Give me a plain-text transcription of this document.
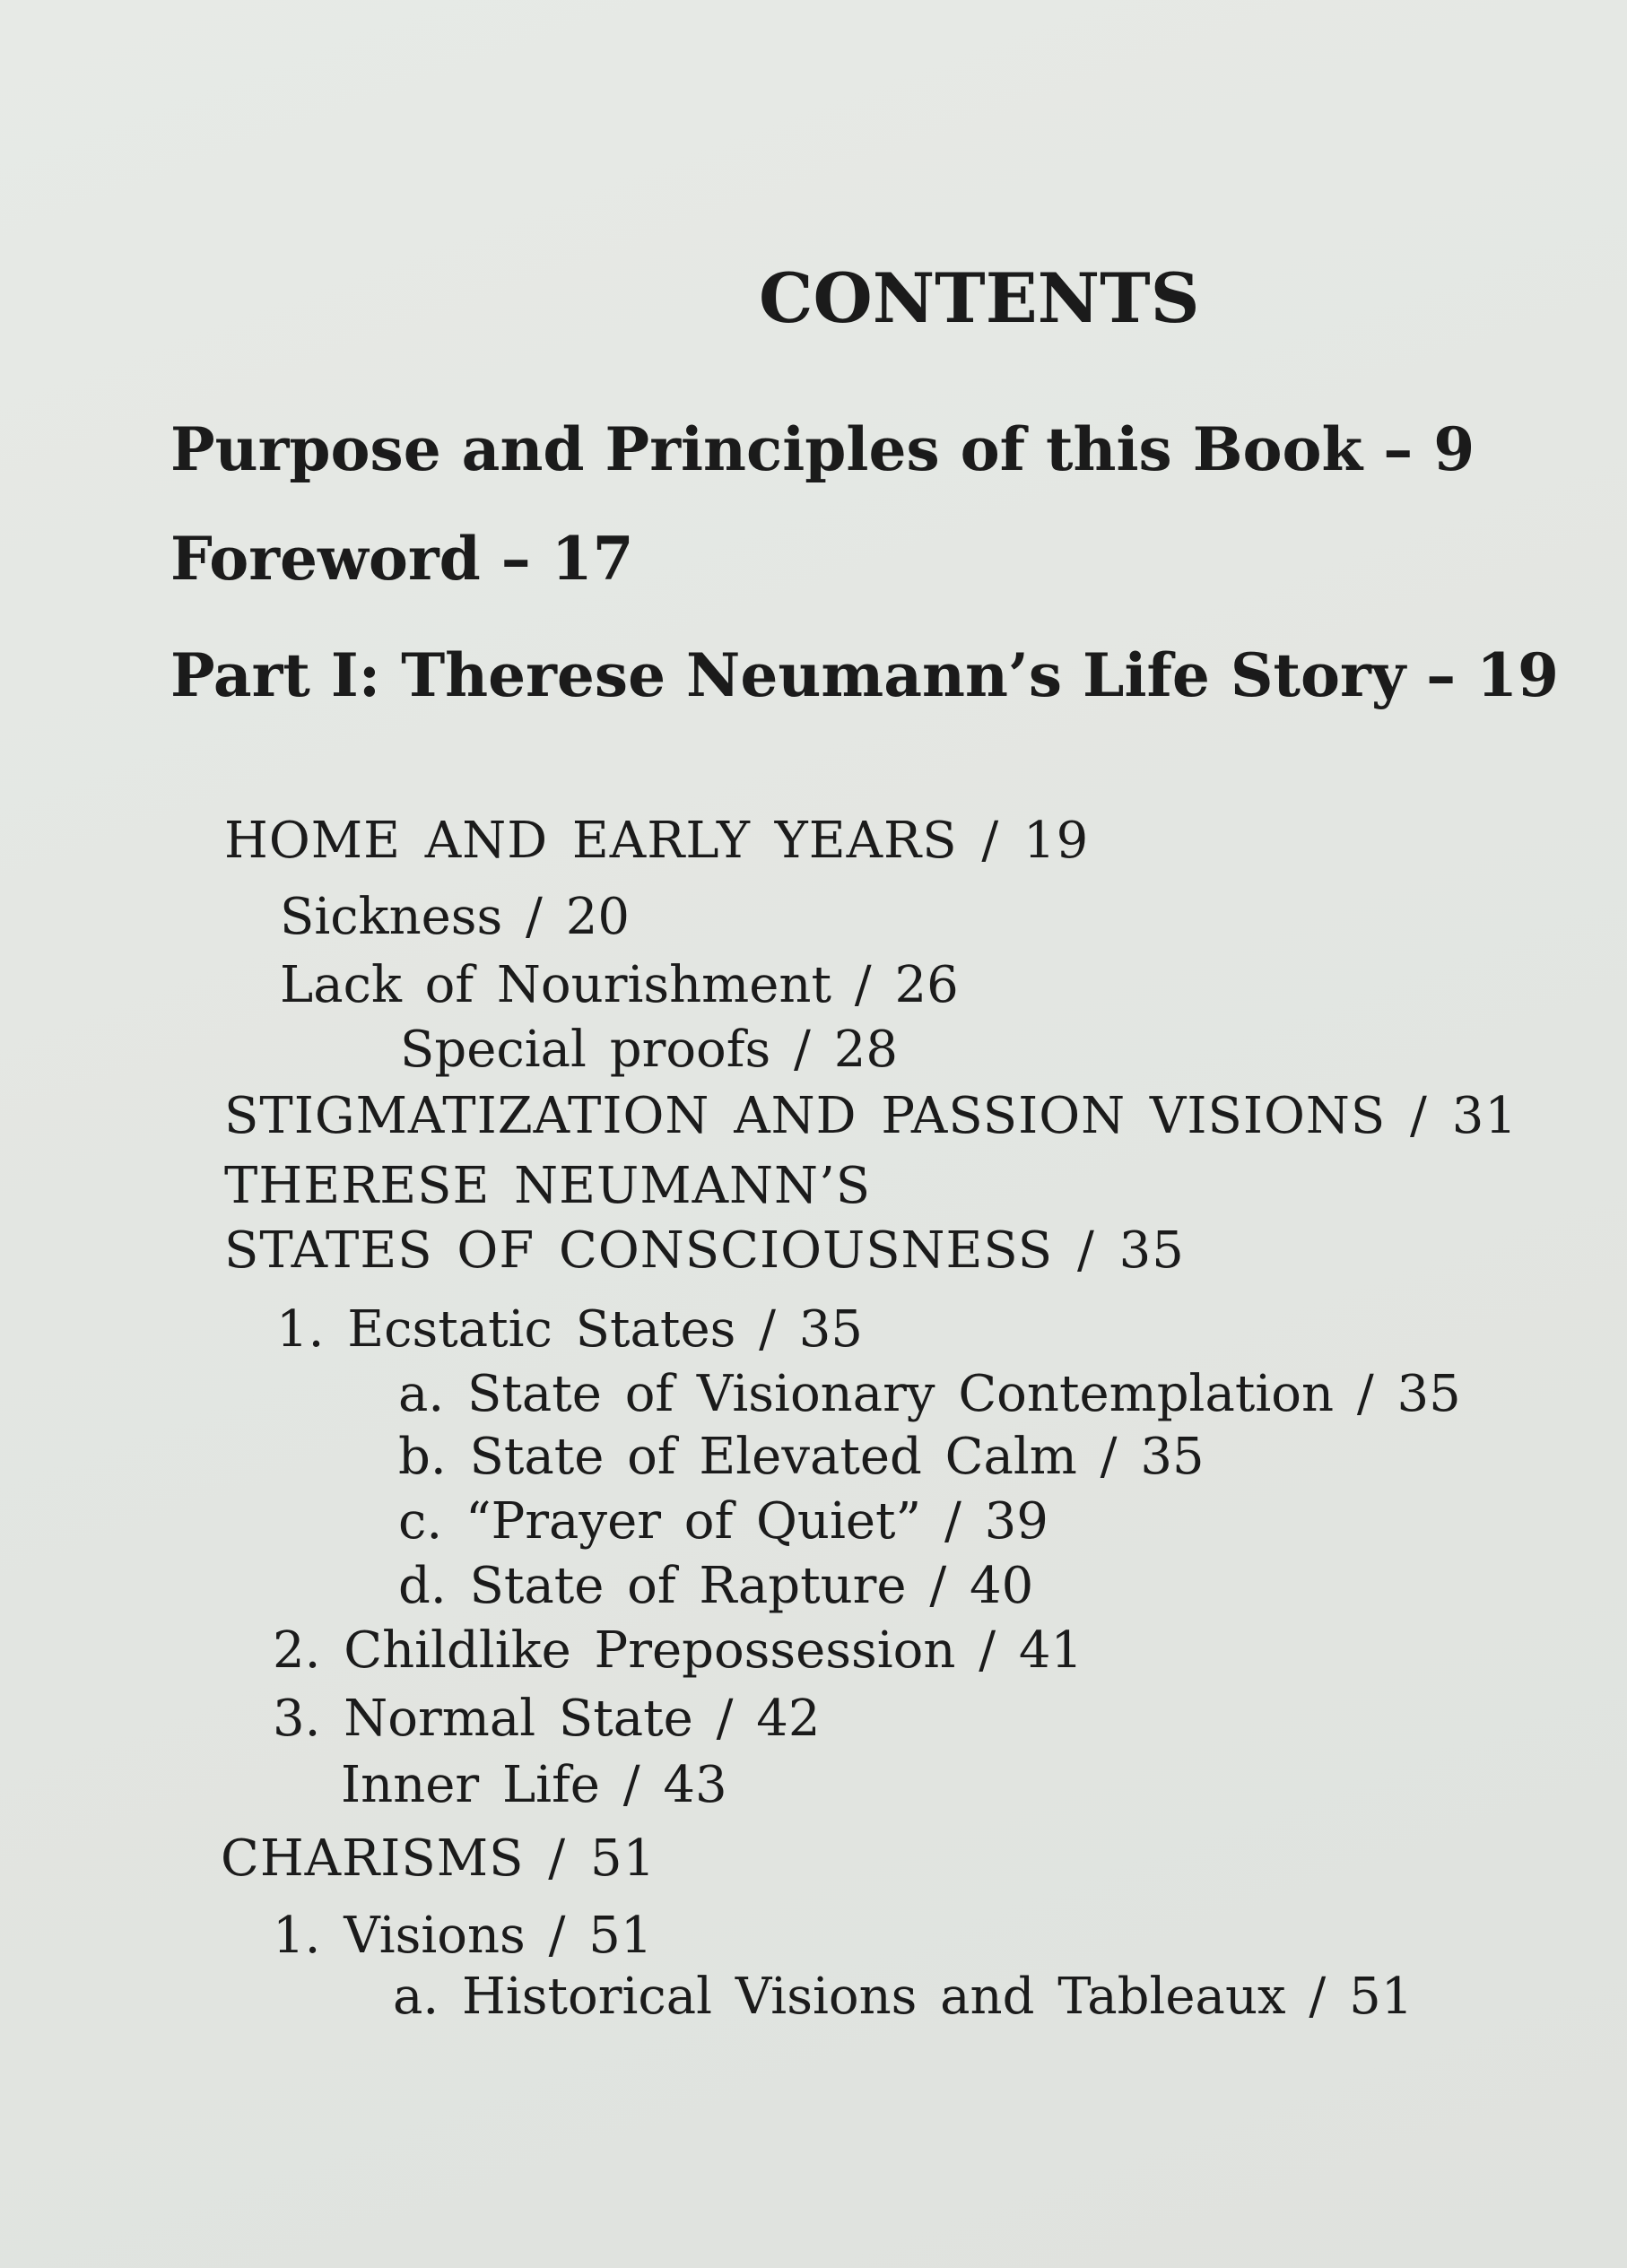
CONTENTS
Purpose and Principles of this Book – 9
Foreword – 17
Part I: Therese Neumann’s Life Story – 19

HOME AND EARLY YEARS / 19

Sickness / 20

Lack of Nourishment / 26

Special proofs / 28

STIGMATIZATION AND PASSION VISIONS / 31

THERESE NEUMANN’S

STATES OF CONSCIOUSNESS / 35

1. Ecstatic States / 35

a. State of Visionary Contemplation / 35

b. State of Elevated Calm / 35

c. “Prayer of Quiet” / 39

d. State of Rapture / 40

2. Childlike Prepossession / 41

3. Normal State / 42

Inner Life / 43

CHARISMS / 51

1. Visions / 51

a. Historical Visions and Tableaux / 51
